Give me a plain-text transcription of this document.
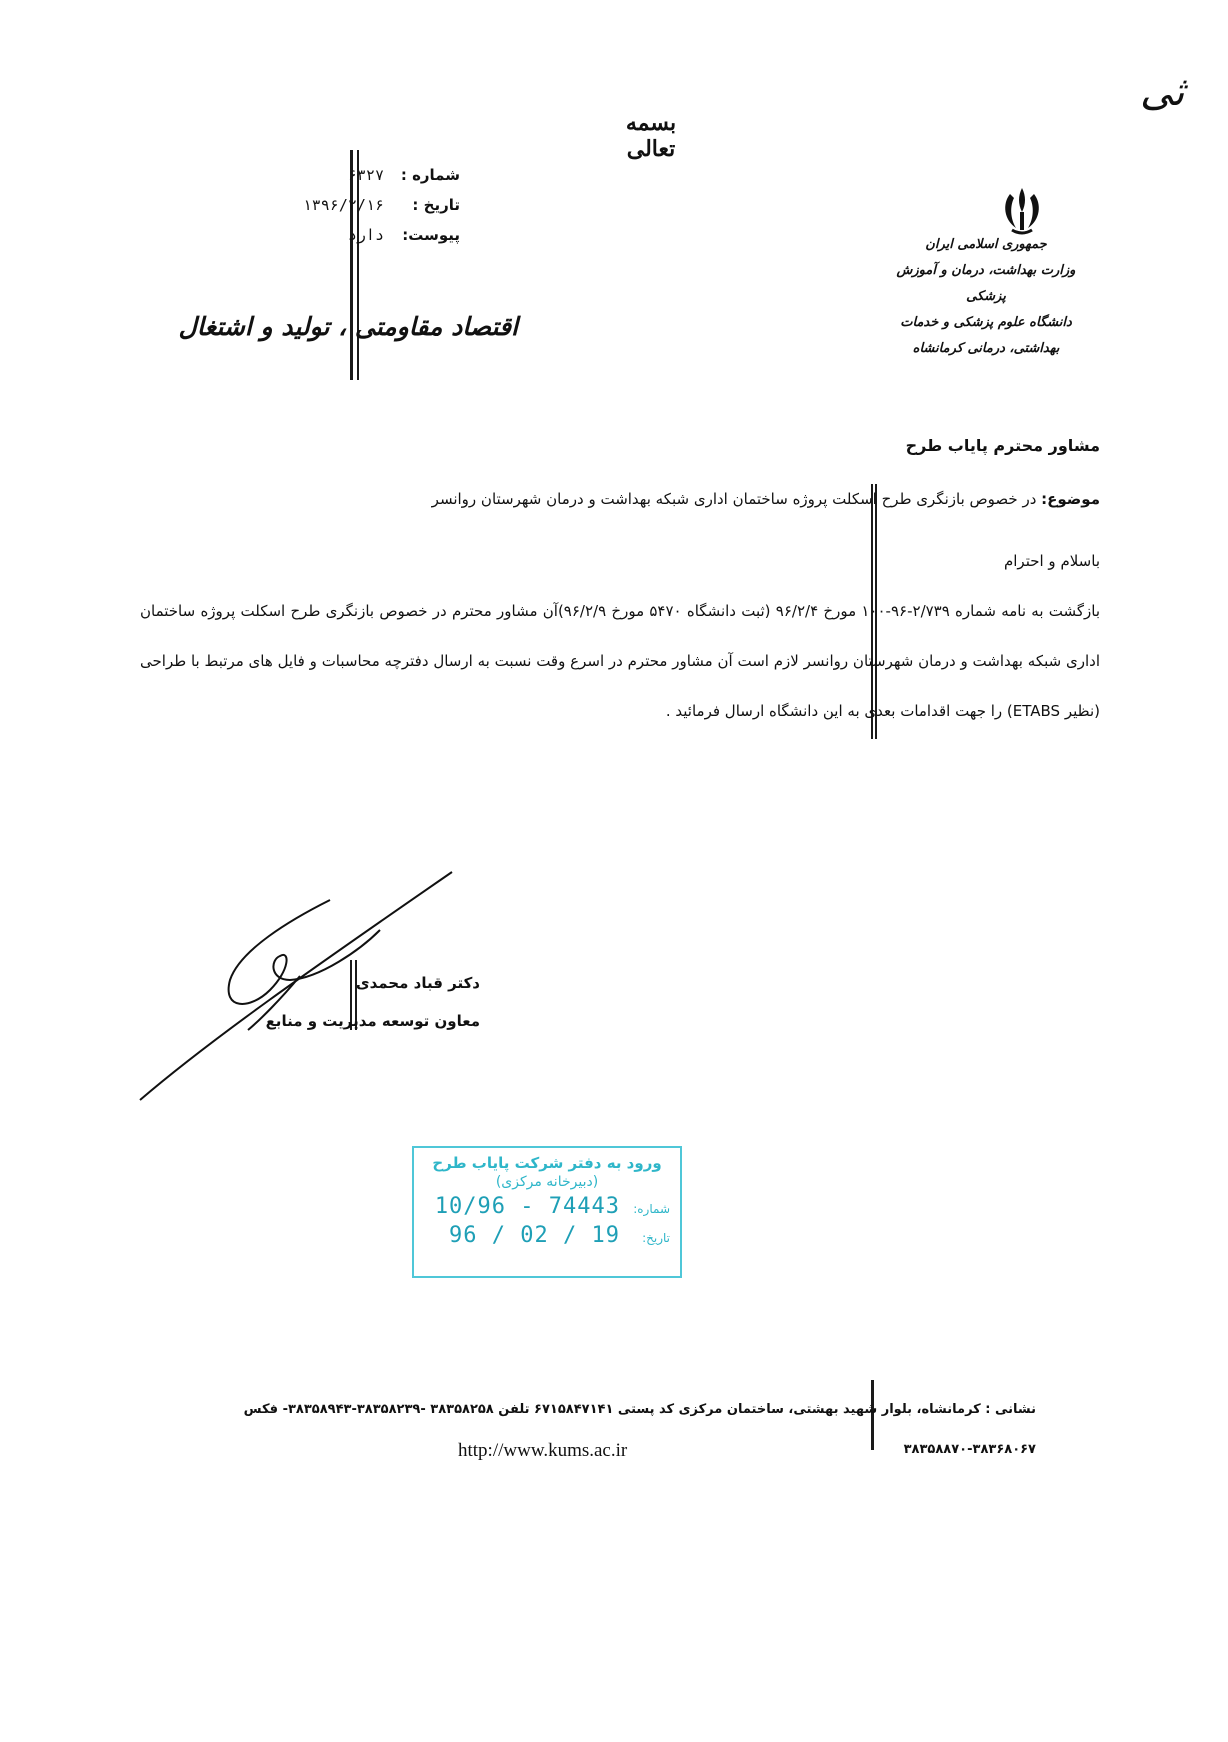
ثی
بسمه تعالی
شماره :
۶۳۲۷
تاریخ :
۱۳۹۶/۲/۱۶
پیوست:
دارد
جمهوری اسلامی ایران
وزارت بهداشت، درمان و آموزش پزشکی
دانشگاه علوم پزشکی و خدمات بهداشتی، درمانی کرمانشاه
اقتصاد مقاومتی ، تولید و اشتغال
مشاور محترم پایاب طرح
موضوع: در خصوص بازنگری طرح اسکلت پروژه ساختمان اداری شبکه بهداشت و درمان شهرستان روانسر
باسلام و احترام
بازگشت به نامه شماره ۲/۷۳۹-۹۶-۱۰۰ مورخ ۹۶/۲/۴ (ثبت دانشگاه ۵۴۷۰ مورخ ۹۶/۲/۹)آن مشاور محترم در خصوص بازنگری طرح اسکلت پروژه ساختمان اداری شبکه بهداشت و درمان شهرستان روانسر لازم است آن مشاور محترم در اسرع وقت نسبت به ارسال دفترچه محاسبات و فایل های مرتبط با طراحی (نظیر ETABS) را جهت اقدامات بعدی به این دانشگاه ارسال فرمائید .
دکتر قباد محمدی
معاون توسعه مدیریت و منابع
ورود به دفتر شرکت پایاب طرح
(دبیرخانه مرکزی)
شماره:
10/96 - 74443
تاریخ:
96 / 02 / 19
نشانی : کرمانشاه، بلوار شهید بهشتی، ساختمان مرکزی کد پستی ۶۷۱۵۸۴۷۱۴۱ تلفن ۳۸۳۵۸۲۵۸ -۳۸۳۵۸۲۳۹-۳۸۳۵۸۹۴۳- فکس ۳۸۳۶۸۰۶۷-۳۸۳۵۸۸۷۰
http://www.kums.ac.ir
